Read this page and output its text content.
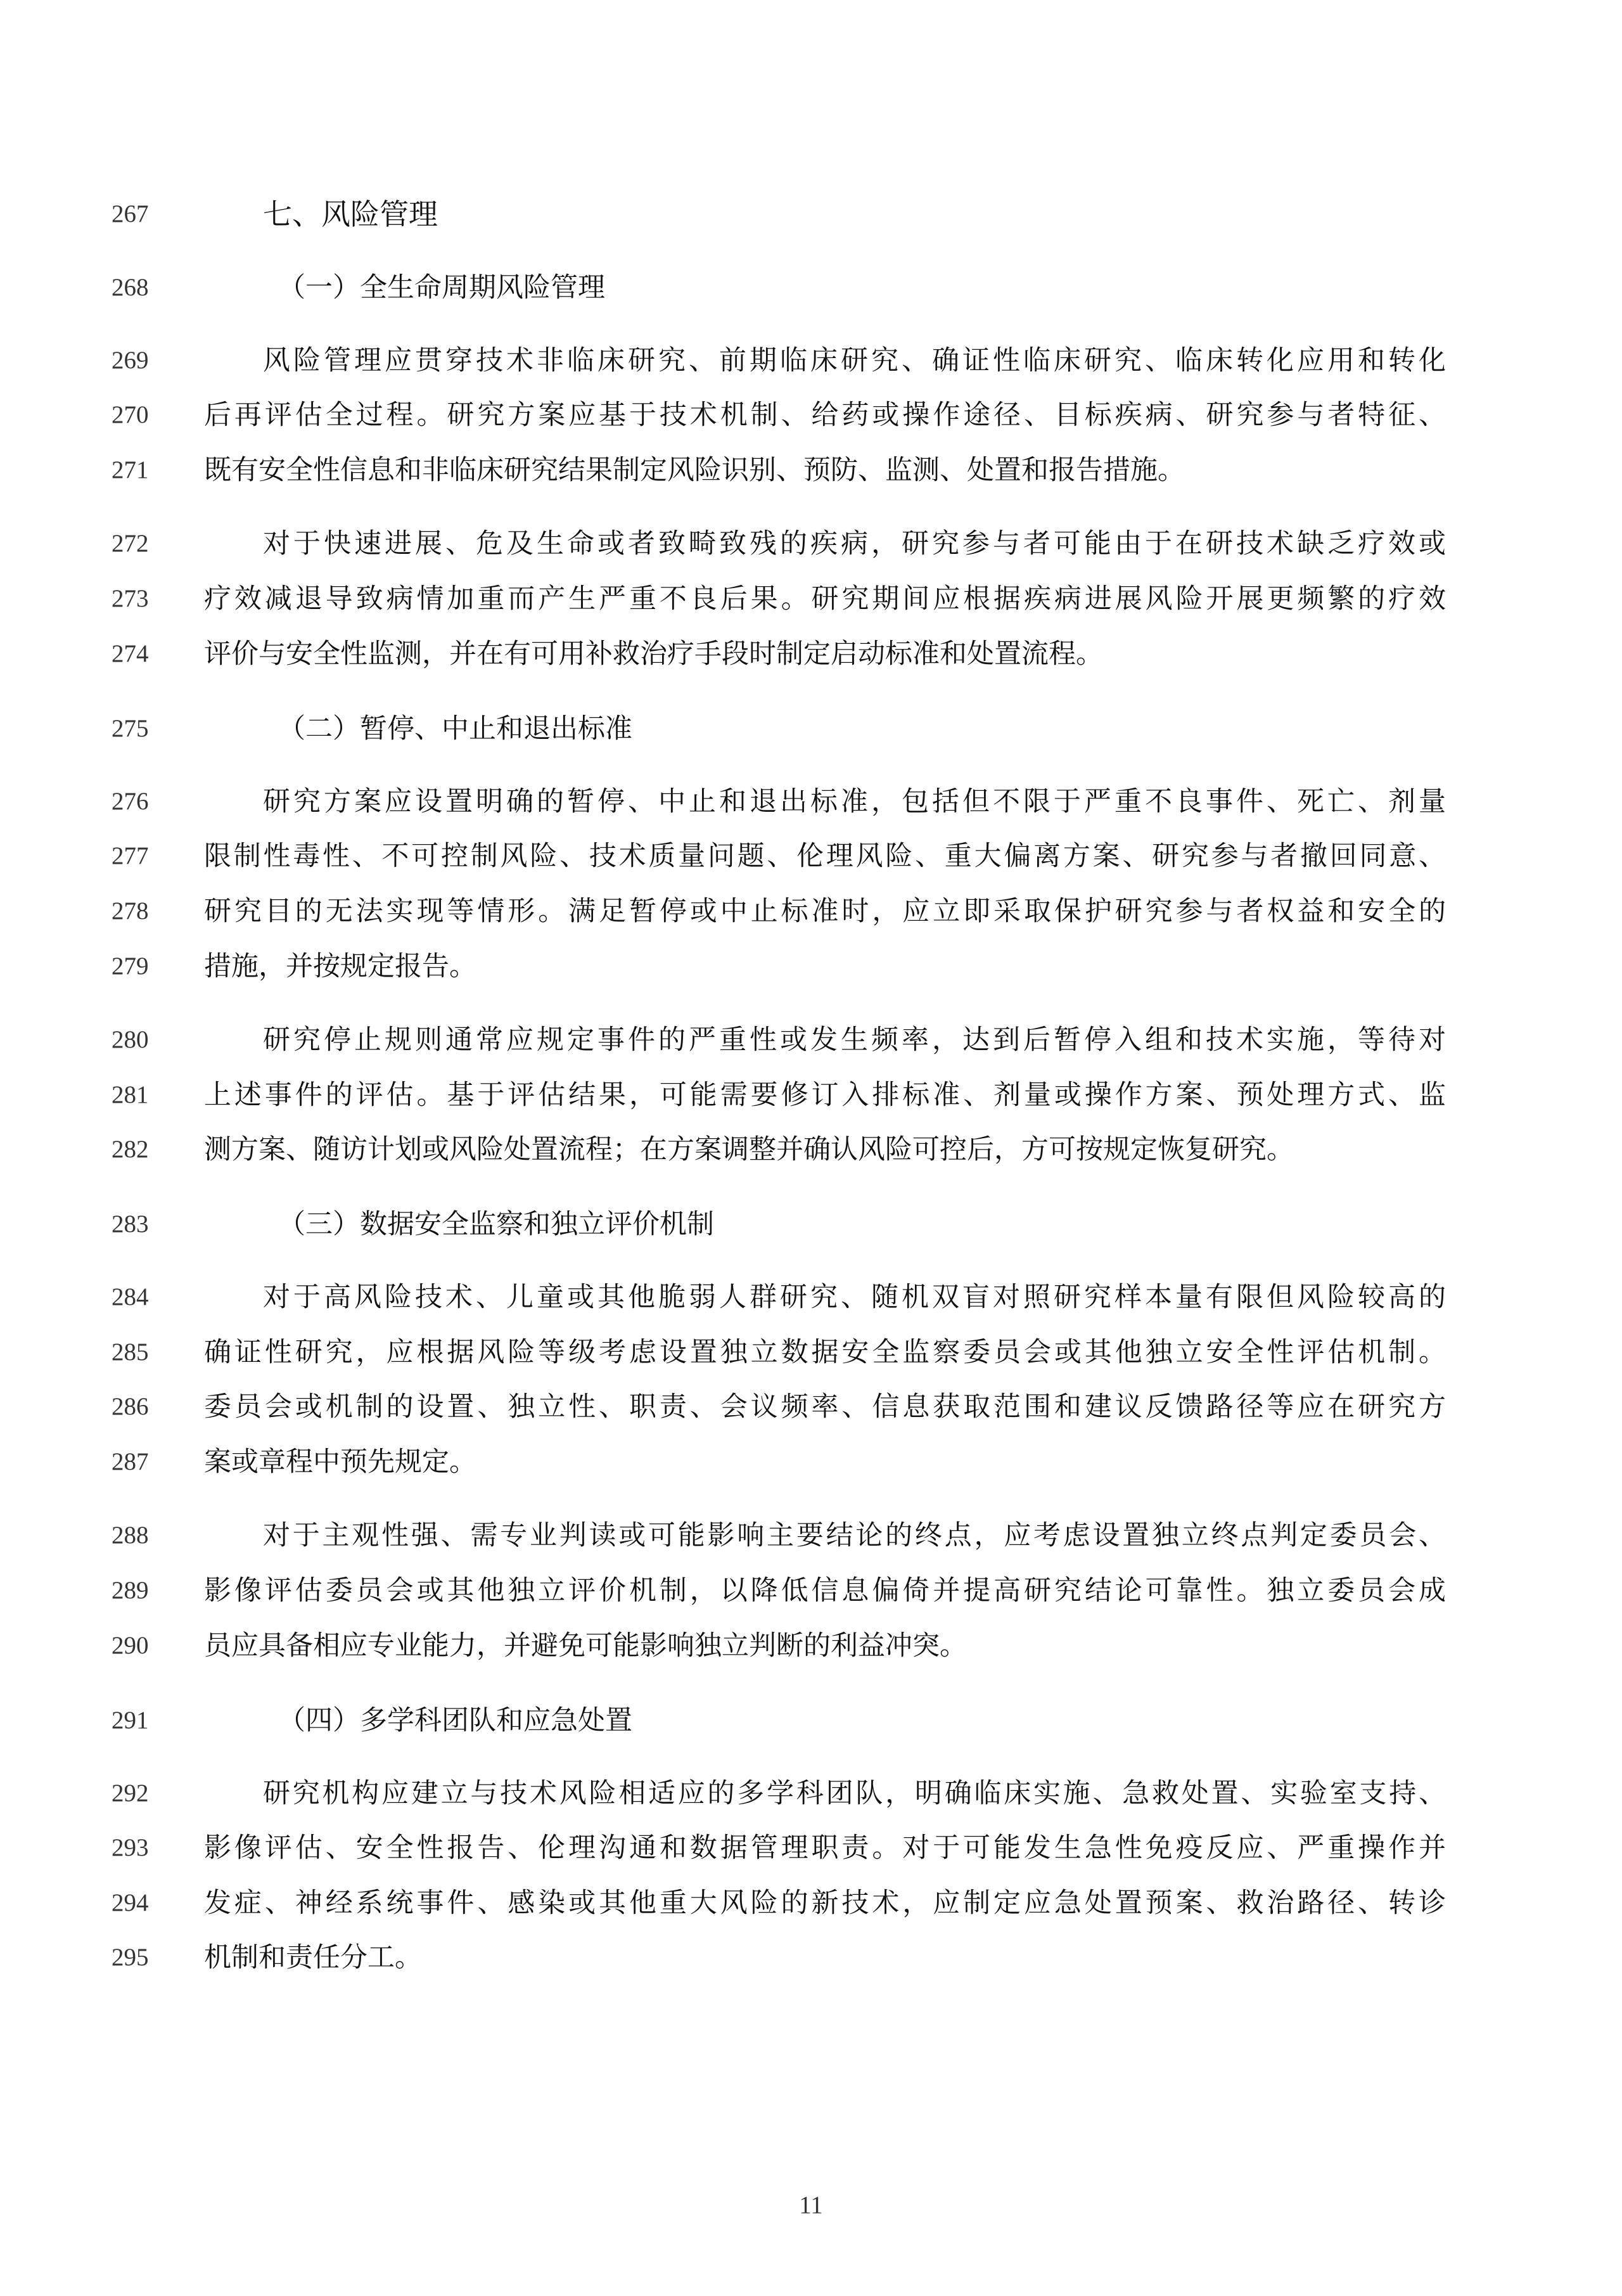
267	七、风险管理
268	（一）全生命周期风险管理
269	风险管理应贯穿技术非临床研究、前期临床研究、确证性临床研究、临床转化应用和转化
270	后再评估全过程。研究方案应基于技术机制、给药或操作途径、目标疾病、研究参与者特征、
271	既有安全性信息和非临床研究结果制定风险识别、预防、监测、处置和报告措施。
272	对于快速进展、危及生命或者致畸致残的疾病，研究参与者可能由于在研技术缺乏疗效或
273	疗效减退导致病情加重而产生严重不良后果。研究期间应根据疾病进展风险开展更频繁的疗效
274	评价与安全性监测，并在有可用补救治疗手段时制定启动标准和处置流程。
275	（二）暂停、中止和退出标准
276	研究方案应设置明确的暂停、中止和退出标准，包括但不限于严重不良事件、死亡、剂量
277	限制性毒性、不可控制风险、技术质量问题、伦理风险、重大偏离方案、研究参与者撤回同意、
278	研究目的无法实现等情形。满足暂停或中止标准时，应立即采取保护研究参与者权益和安全的
279	措施，并按规定报告。
280	研究停止规则通常应规定事件的严重性或发生频率，达到后暂停入组和技术实施，等待对
281	上述事件的评估。基于评估结果，可能需要修订入排标准、剂量或操作方案、预处理方式、监
282	测方案、随访计划或风险处置流程；在方案调整并确认风险可控后，方可按规定恢复研究。
283	（三）数据安全监察和独立评价机制
284	对于高风险技术、儿童或其他脆弱人群研究、随机双盲对照研究样本量有限但风险较高的
285	确证性研究，应根据风险等级考虑设置独立数据安全监察委员会或其他独立安全性评估机制。
286	委员会或机制的设置、独立性、职责、会议频率、信息获取范围和建议反馈路径等应在研究方
287	案或章程中预先规定。
288	对于主观性强、需专业判读或可能影响主要结论的终点，应考虑设置独立终点判定委员会、
289	影像评估委员会或其他独立评价机制，以降低信息偏倚并提高研究结论可靠性。独立委员会成
290	员应具备相应专业能力，并避免可能影响独立判断的利益冲突。
291	（四）多学科团队和应急处置
292	研究机构应建立与技术风险相适应的多学科团队，明确临床实施、急救处置、实验室支持、
293	影像评估、安全性报告、伦理沟通和数据管理职责。对于可能发生急性免疫反应、严重操作并
294	发症、神经系统事件、感染或其他重大风险的新技术，应制定应急处置预案、救治路径、转诊
295	机制和责任分工。
11
